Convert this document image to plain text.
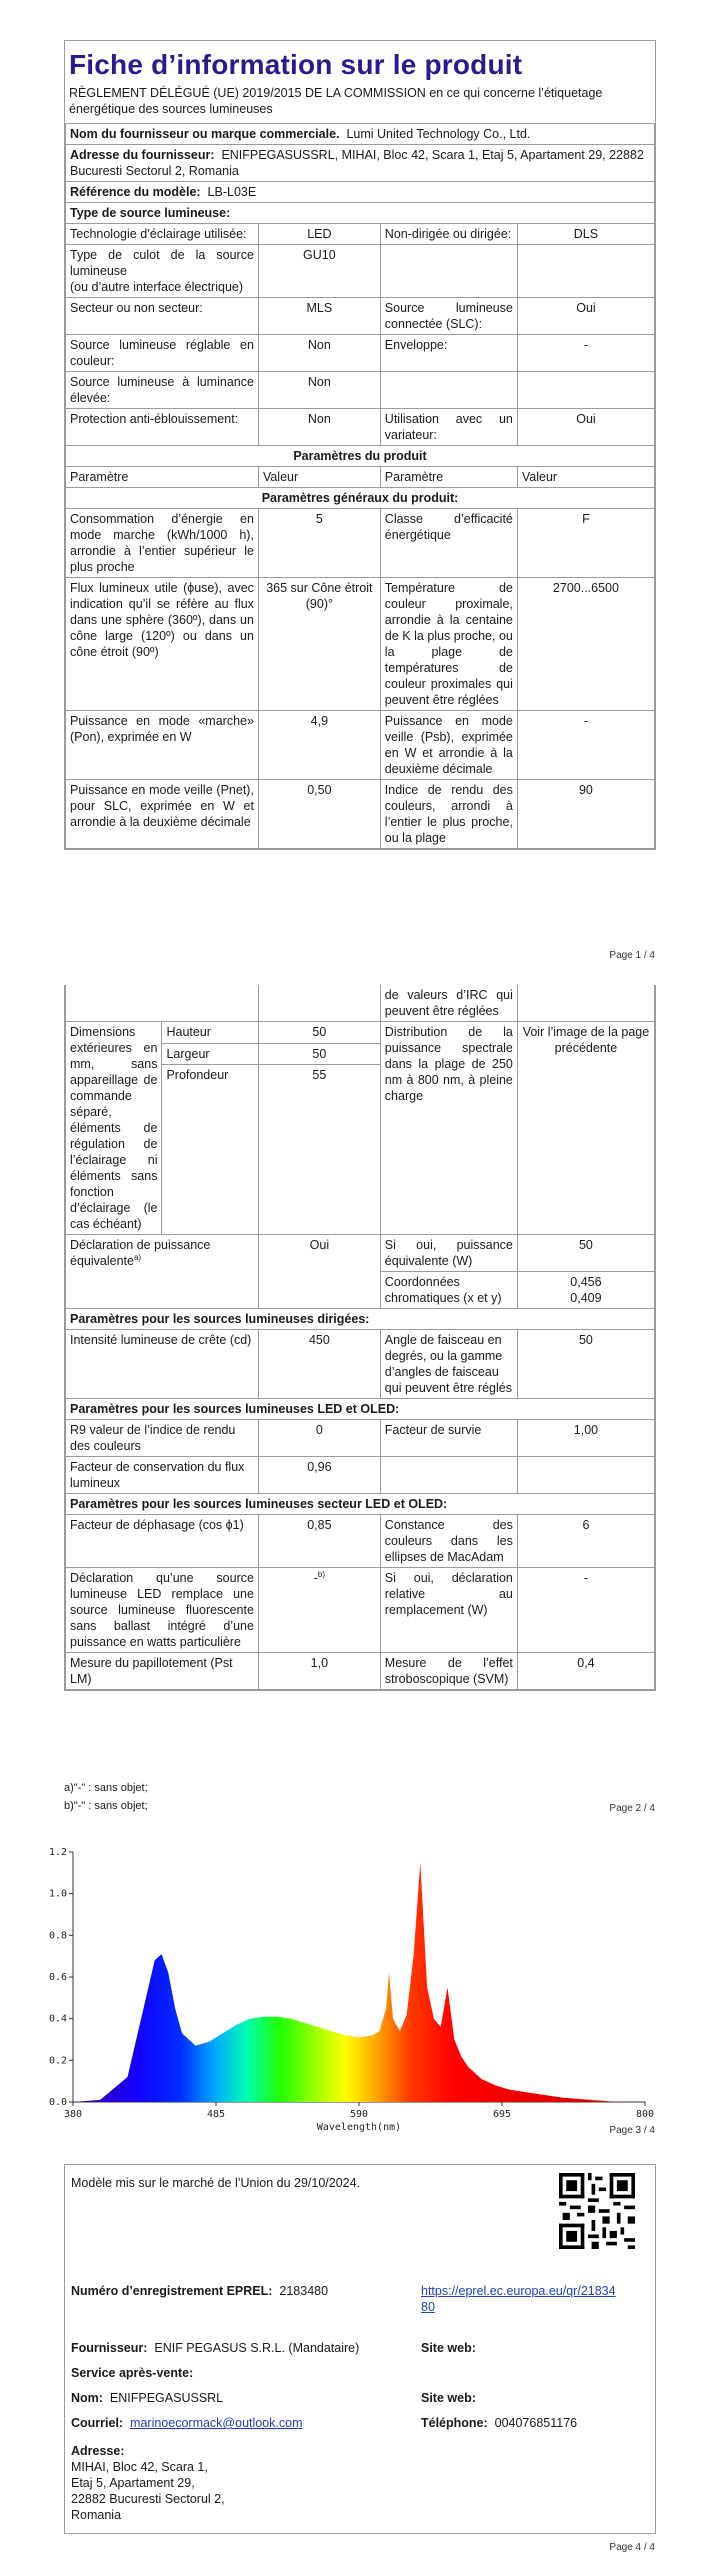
Fiche d’information sur le produit
RÈGLEMENT DÉLÉGUÉ (UE) 2019/2015 DE LA COMMISSION en ce qui concerne l’étiquetage énergétique des sources lumineuses
Nom du fournisseur ou marque commerciale. Lumi United Technology Co., Ltd.			
Adresse du fournisseur: ENIFPEGASUSSRL, MIHAI, Bloc 42, Scara 1, Etaj 5, Apartament 29, 22882 Bucuresti Sectorul 2, Romania			
Référence du modèle: LB-L03E			
Type de source lumineuse:			
Technologie d’éclairage utilisée:	LED	Non-dirigée ou dirigée:	DLS
Type de culot de la source lumineuse
(ou d’autre interface électrique)	GU10		
Secteur ou non secteur:	MLS	Source lumineuse connectée (SLC):	Oui
Source lumineuse réglable en couleur:	Non	Enveloppe:	-
Source lumineuse à luminance élevée:	Non		
Protection anti-éblouissement:	Non	Utilisation avec un variateur:	Oui
Paramètres du produit			
Paramètre	Valeur	Paramètre	Valeur
Paramètres généraux du produit:			
Consommation d’énergie en mode marche (kWh/1000 h), arrondie à l’entier supérieur le plus proche	5	Classe d’efficacité énergétique	F
Flux lumineux utile (ϕuse), avec indication qu’il se réfère au flux dans une sphère (360º), dans un cône large (120º) ou dans un cône étroit (90º)	365 sur Cône étroit (90)°	Température de couleur proximale, arrondie à la centaine de K la plus proche, ou la plage de températures de couleur proximales qui peuvent être réglées	2700...6500
Puissance en mode «marche» (Pon), exprimée en W	4,9	Puissance en mode veille (Psb), exprimée en W et arrondie à la deuxième décimale	-
Puissance en mode veille (Pnet), pour SLC, exprimée en W et arrondie à la deuxième décimale	0,50	Indice de rendu des couleurs, arrondi à l’entier le plus proche, ou la plage	90
Page 1 / 4
			de valeurs d’IRC qui peuvent être réglées	
Dimensions extérieures en mm, sans appareillage de commande séparé, éléments de régulation de l’éclairage ni éléments sans fonction d’éclairage (le cas échéant)	Hauteur	50	Distribution de la puissance spectrale dans la plage de 250 nm à 800 nm, à pleine charge	Voir l’image de la page précédente
	Largeur	50		
	Profondeur	55		
Déclaration de puissance équivalente$^{a)}$		Oui	Si oui, puissance équivalente (W)	50
			Coordonnées chromatiques (x et y)	0,456
0,409
Paramètres pour les sources lumineuses dirigées:				
Intensité lumineuse de crête (cd)		450	Angle de faisceau en degrés, ou la gamme d’angles de faisceau qui peuvent être réglés	50
Paramètres pour les sources lumineuses LED et OLED:				
R9 valeur de l’indice de rendu des couleurs		0	Facteur de survie	1,00
Facteur de conservation du flux lumineux		0,96		
Paramètres pour les sources lumineuses secteur LED et OLED:				
Facteur de déphasage (cos ϕ1)		0,85	Constance des couleurs dans les ellipses de MacAdam	6
Déclaration qu’une source lumineuse LED remplace une source lumineuse fluorescente sans ballast intégré d’une puissance en watts particulière		-$^{b)}$	Si oui, déclaration relative au remplacement (W)	-
Mesure du papillotement (Pst LM)		1,0	Mesure de l’effet stroboscopique (SVM)	0,4
a)"-" : sans objet;
b)"-" : sans objet;	Page 2 / 4
0.0
0.2
0.4
0.6
0.8
1.0
1.2
380	485	590	695	800
Wavelength(nm)	Page 3 / 4
Modèle mis sur le marché de l’Union du 29/10/2024.
Numéro d’enregistrement EPREL: 2183480	https://eprel.ec.europa.eu/qr/2183480
Fournisseur: ENIF PEGASUS S.R.L. (Mandataire)	Site web:
Service après-vente:
Nom: ENIFPEGASUSSRL	Site web:
Courriel: marinoecormack@outlook.com	Téléphone: 004076851176
Adresse:
MIHAI, Bloc 42, Scara 1,
Etaj 5, Apartament 29,
22882 Bucuresti Sectorul 2,
Romania
Page 4 / 4
